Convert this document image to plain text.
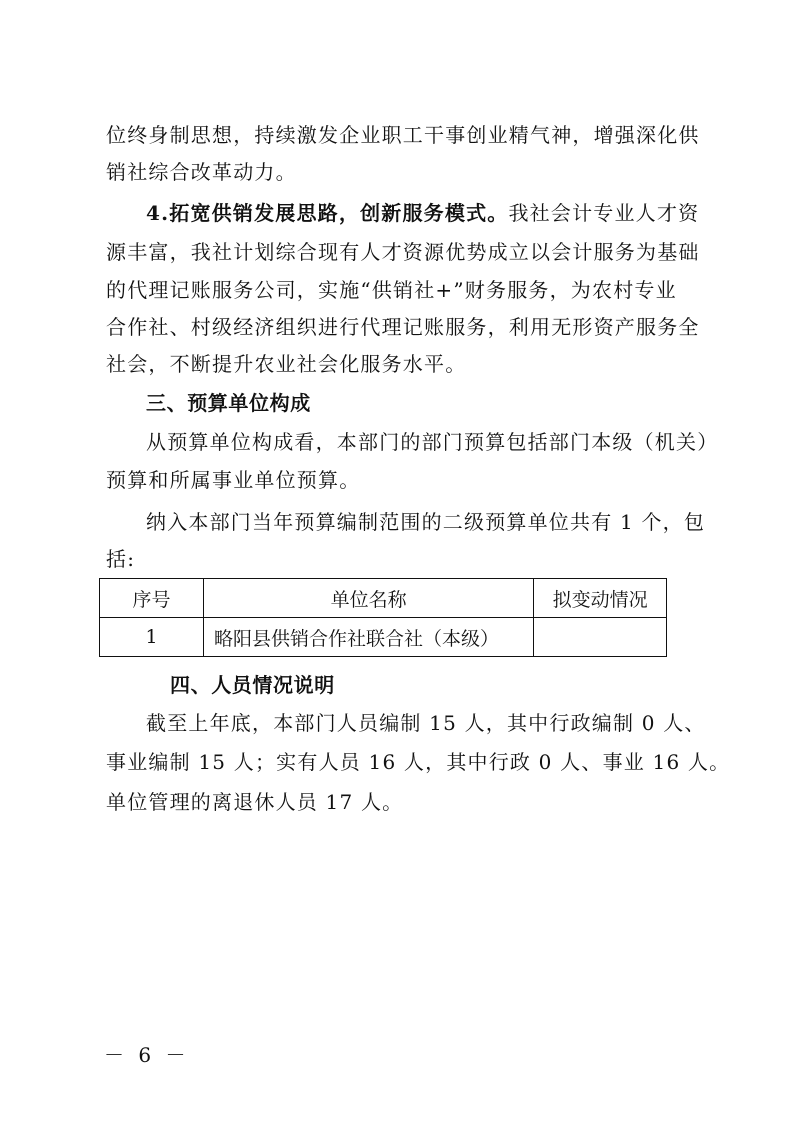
位终身制思想，持续激发企业职工干事创业精气神，增强深化供
销社综合改革动力。
4.拓宽供销发展思路，创新服务模式。我社会计专业人才资
源丰富，我社计划综合现有人才资源优势成立以会计服务为基础
的代理记账服务公司，实施“供销社+”财务服务，为农村专业
合作社、村级经济组织进行代理记账服务，利用无形资产服务全
社会，不断提升农业社会化服务水平。
三、预算单位构成
从预算单位构成看，本部门的部门预算包括部门本级（机关）
预算和所属事业单位预算。
纳入本部门当年预算编制范围的二级预算单位共有 1 个，包
括:
序号	单位名称	拟变动情况
1	略阳县供销合作社联合社（本级）	
四、人员情况说明
截至上年底，本部门人员编制 15 人，其中行政编制 0 人、
事业编制 15 人；实有人员 16 人，其中行政 0 人、事业 16 人。
单位管理的离退休人员 17 人。
－ 6 －
